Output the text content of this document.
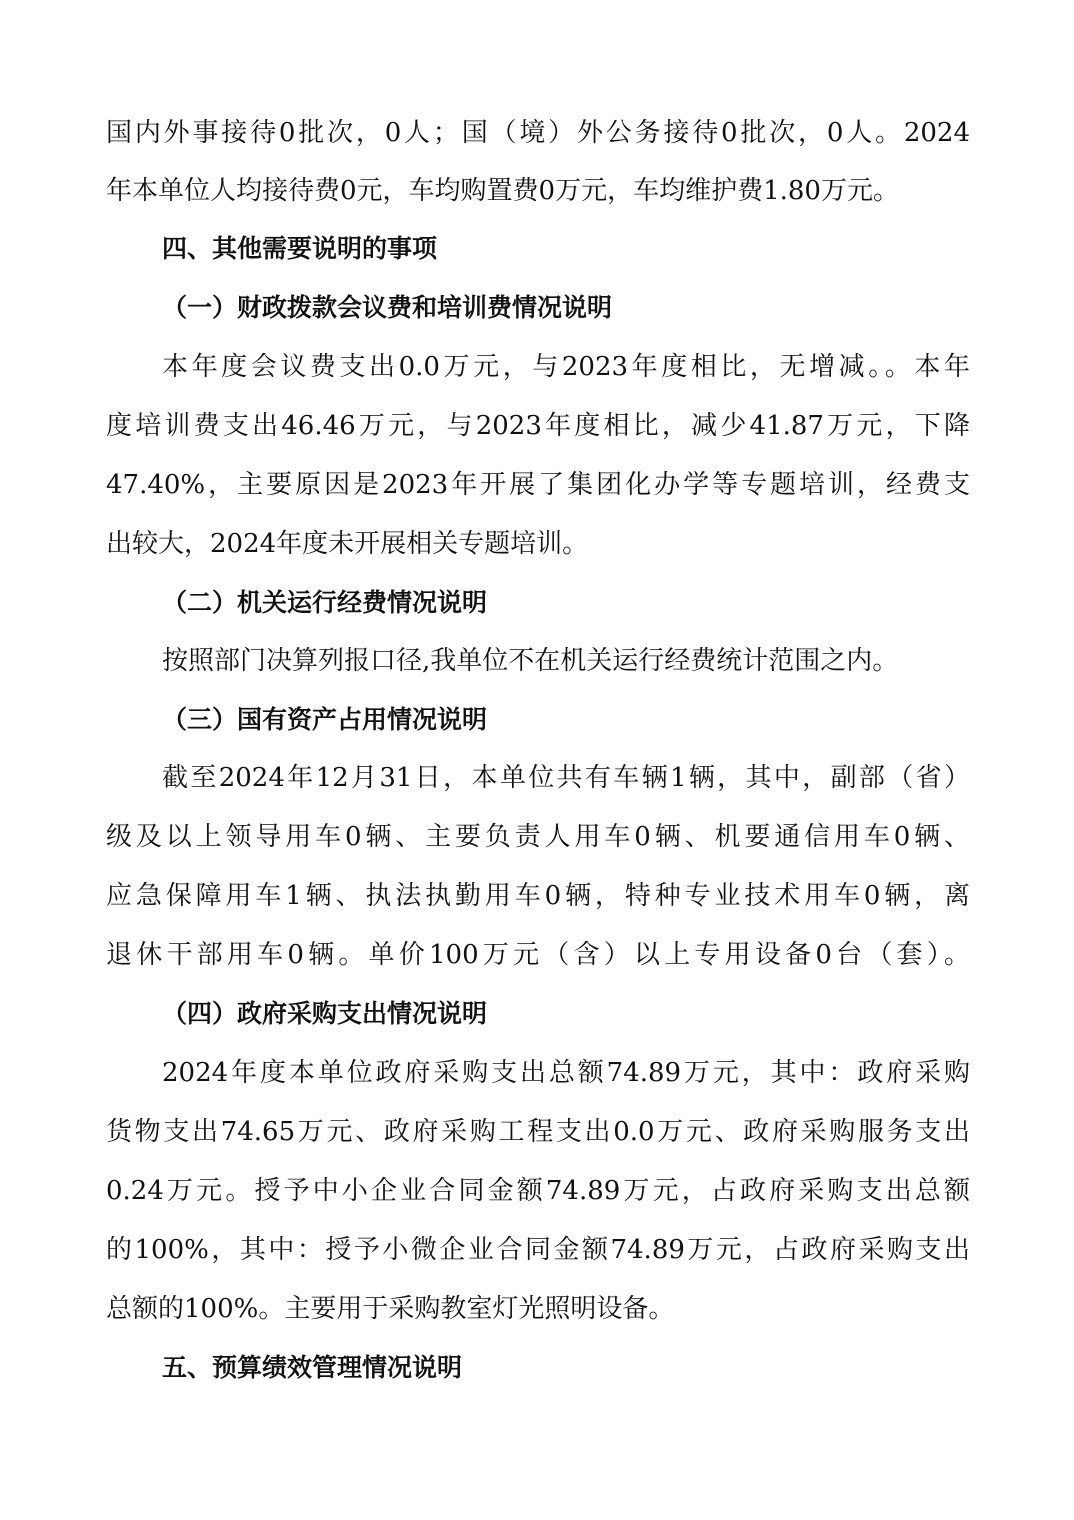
国内外事接待0批次，0人；国（境）外公务接待0批次，0人。2024
年本单位人均接待费0元，车均购置费0万元，车均维护费1.80万元。
四、其他需要说明的事项
（一）财政拨款会议费和培训费情况说明
本年度会议费支出0.0万元，与2023年度相比，无增减。。本年
度培训费支出46.46万元，与2023年度相比，减少41.87万元，下降
47.40%，主要原因是2023年开展了集团化办学等专题培训，经费支
出较大，2024年度未开展相关专题培训。
（二）机关运行经费情况说明
按照部门决算列报口径,我单位不在机关运行经费统计范围之内。
（三）国有资产占用情况说明
截至2024年12月31日，本单位共有车辆1辆，其中，副部（省）
级及以上领导用车0辆、主要负责人用车0辆、机要通信用车0辆、
应急保障用车1辆、执法执勤用车0辆，特种专业技术用车0辆，离
退休干部用车0辆。单价100万元（含）以上专用设备0台（套）。
（四）政府采购支出情况说明
2024年度本单位政府采购支出总额74.89万元，其中：政府采购
货物支出74.65万元、政府采购工程支出0.0万元、政府采购服务支出
0.24万元。授予中小企业合同金额74.89万元，占政府采购支出总额
的100%，其中：授予小微企业合同金额74.89万元，占政府采购支出
总额的100%。主要用于采购教室灯光照明设备。
五、预算绩效管理情况说明
